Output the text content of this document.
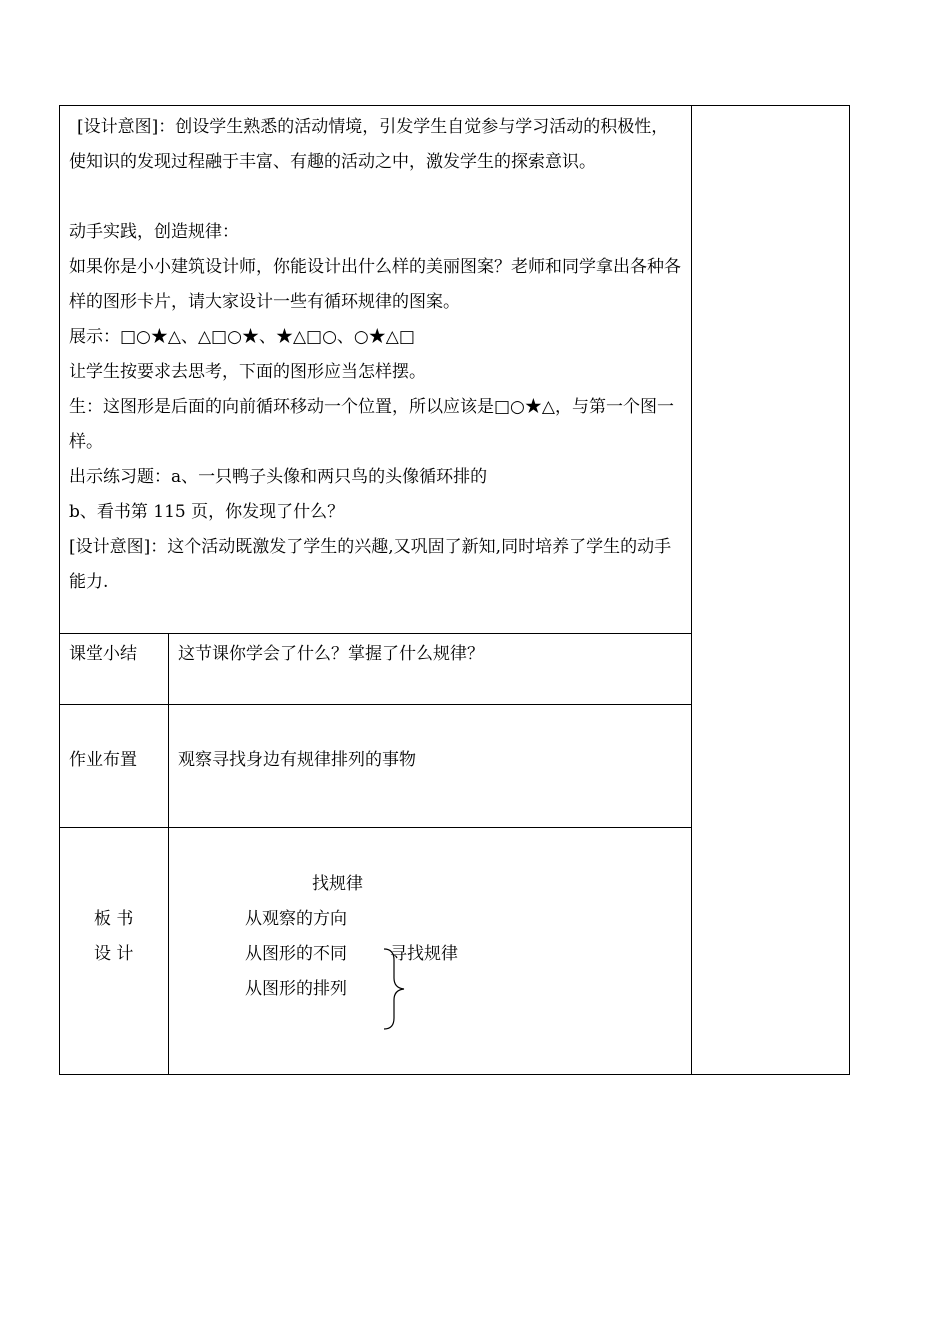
[设计意图]：创设学生熟悉的活动情境，引发学生自觉参与学习活动的积极性，使知识的发现过程融于丰富、有趣的活动之中，激发学生的探索意识。

动手实践，创造规律：

如果你是小小建筑设计师，你能设计出什么样的美丽图案？老师和同学拿出各种各样的图形卡片，请大家设计一些有循环规律的图案。

展示：□○★△、△□○★、★△□○、○★△□

让学生按要求去思考，下面的图形应当怎样摆。

生：这图形是后面的向前循环移动一个位置，所以应该是□○★△，与第一个图一样。

出示练习题：a、一只鸭子头像和两只鸟的头像循环排的

b、看书第 115 页，你发现了什么？

[设计意图]：这个活动既激发了学生的兴趣,又巩固了新知,同时培养了学生的动手能力.

课堂小结 这节课你学会了什么？掌握了什么规律？
作业布置 观察寻找身边有规律排列的事物
板 书
设 计
找规律
从观察的方向
从图形的不同
从图形的排列
寻找规律
